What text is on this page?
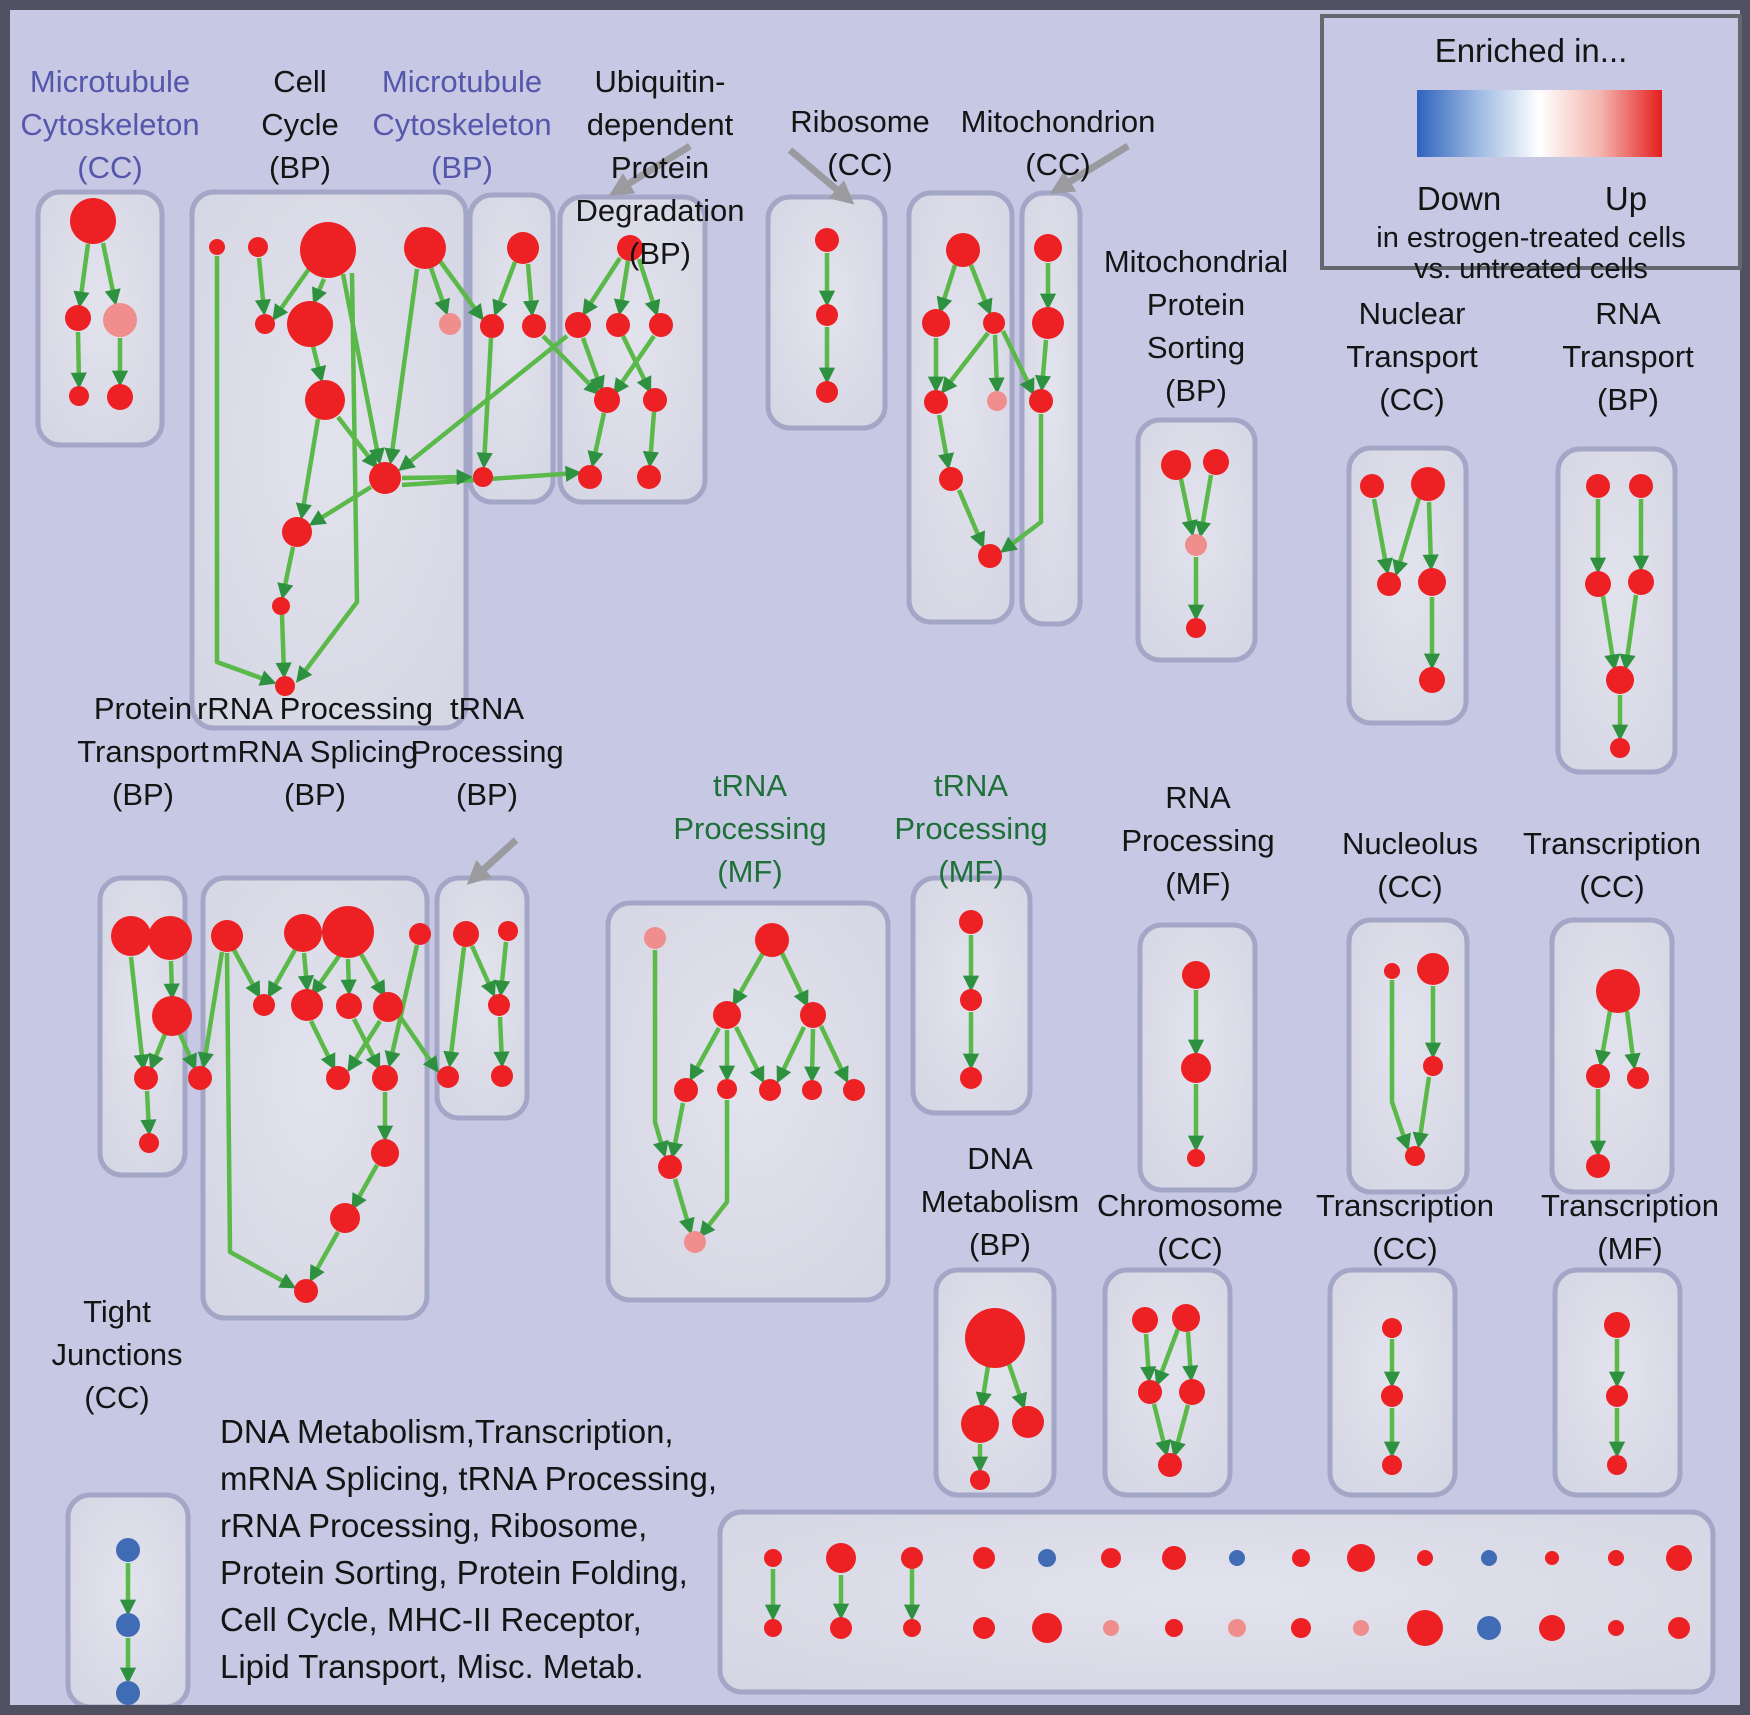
Microtubule
Cytoskeleton
(CC)
Cell
Cycle
(BP)
Microtubule
Cytoskeleton
(BP)
Ubiquitin-
dependent
Protein
Degradation
(BP)
Ribosome
(CC)
Mitochondrion
(CC)
Mitochondrial
Protein
Sorting
(BP)
Nuclear
Transport
(CC)
RNA
Transport
(BP)
Protein
Transport
(BP)
rRNA Processing
mRNA Splicing
(BP)
tRNA
Processing
(BP)	tRNA
Processing
(MF)
tRNA
Processing
(MF)
RNA
Processing
(MF)
Nucleolus
(CC)
Transcription
(CC)
DNA
Metabolism
(BP)
Chromosome
(CC)
Transcription
(CC)
Transcription
(MF)
Tight
Junctions
(CC)
Enriched in...
Down	Up
in estrogen-treated cells
vs. untreated cells
DNA Metabolism,Transcription,
mRNA Splicing, tRNA Processing,
rRNA Processing, Ribosome,
Protein Sorting, Protein Folding,
Cell Cycle, MHC-II Receptor,
Lipid Transport, Misc. Metab.
